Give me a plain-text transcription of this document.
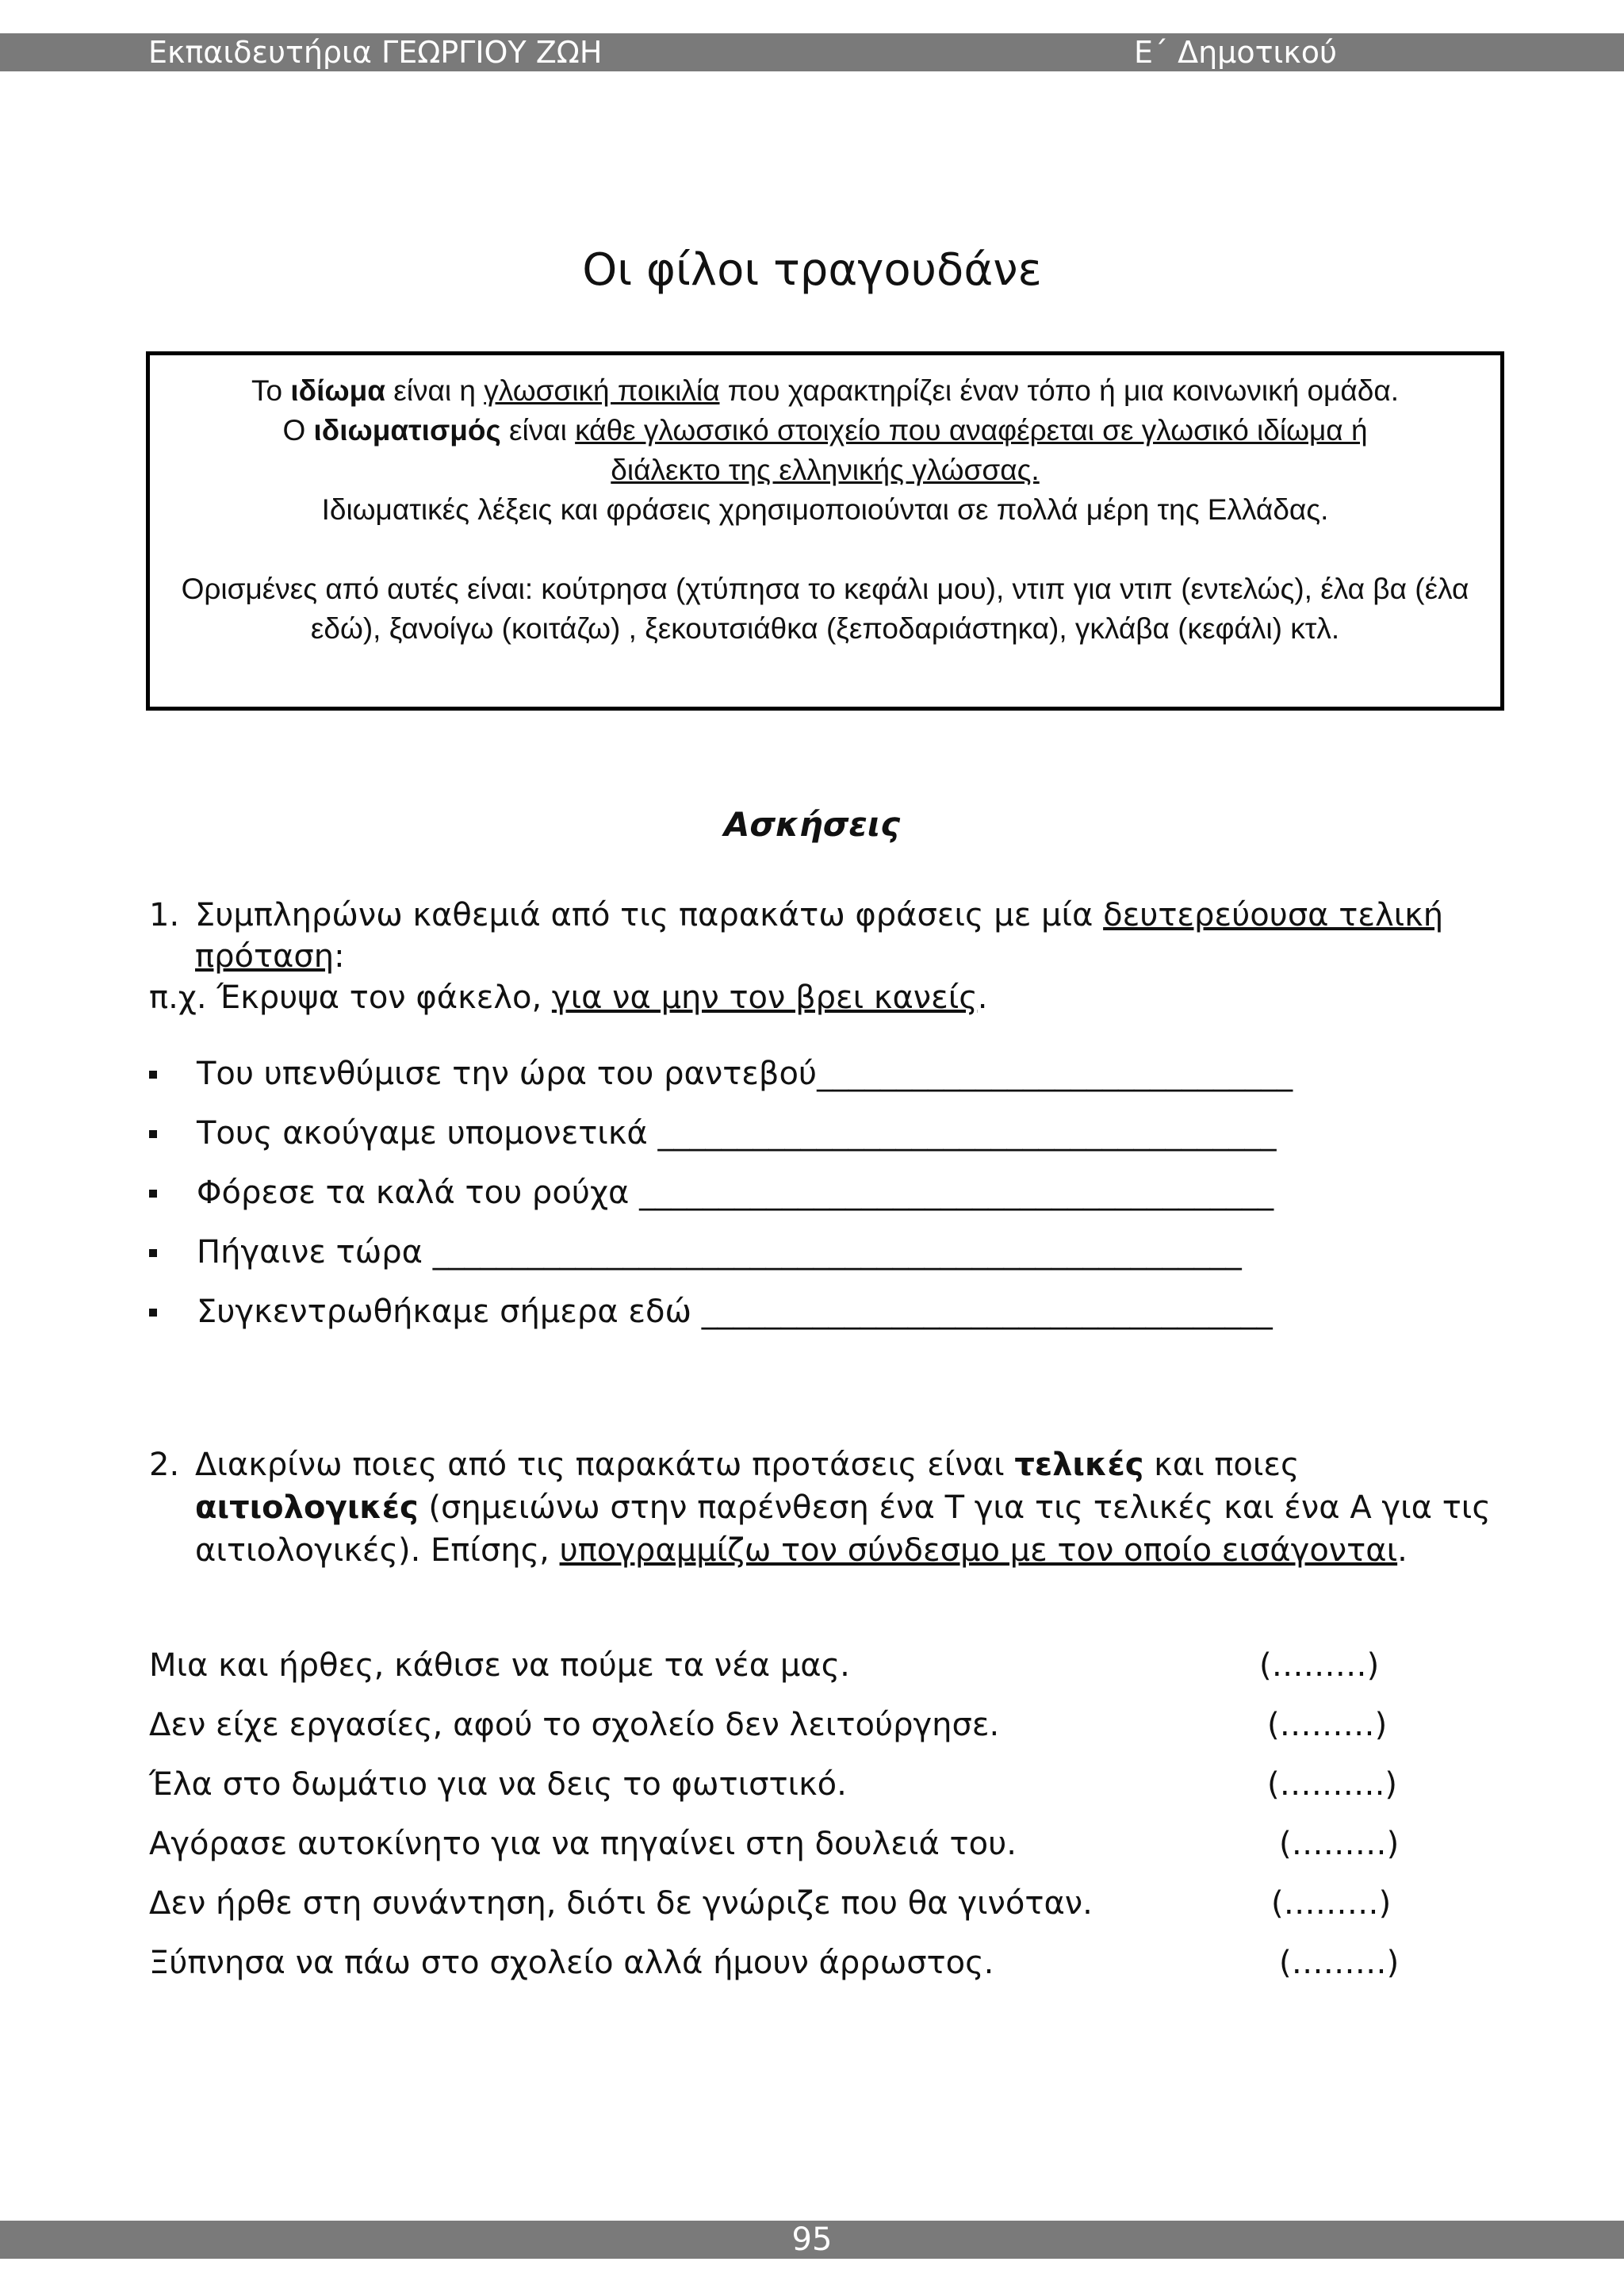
Εκπαιδευτήρια ΓΕΩΡΓΙΟΥ ΖΩΗ	Ε΄ Δημοτικού
Οι φίλοι τραγουδάνε

Το ιδίωμα είναι η γλωσσική ποικιλία που χαρακτηρίζει έναν τόπο ή μια κοινωνική ομάδα.

Ο ιδιωματισμός είναι κάθε γλωσσικό στοιχείο που αναφέρεται σε γλωσικό ιδίωμα ή διάλεκτο της ελληνικής γλώσσας.

Ιδιωματικές λέξεις και φράσεις χρησιμοποιούνται σε πολλά μέρη της Ελλάδας.

Ορισμένες από αυτές είναι: κούτρησα (χτύπησα το κεφάλι μου), ντιπ για ντιπ (εντελώς), έλα βα (έλα εδώ), ξανοίγω (κοιτάζω) , ξεκουτσιάθκα (ξεποδαριάστηκα), γκλάβα (κεφάλι) κτλ.

Ασκήσεις
1. Συμπληρώνω καθεμιά από τις παρακάτω φράσεις με μία δευτερεύουσα τελική πρόταση:
π.χ. Έκρυψα τον φάκελο, για να μην τον βρει κανείς.
Του υπενθύμισε την ώρα του ραντεβού______________________________
Τους ακούγαμε υπομονετικά _______________________________________
Φόρεσε τα καλά του ρούχα ________________________________________
Πήγαινε τώρα ___________________________________________________
Συγκεντρωθήκαμε σήμερα εδώ ____________________________________
2. Διακρίνω ποιες από τις παρακάτω προτάσεις είναι τελικές και ποιες αιτιολογικές (σημειώνω στην παρένθεση ένα Τ για τις τελικές και ένα Α για τις αιτιολογικές). Επίσης, υπογραμμίζω τον σύνδεσμο με τον οποίο εισάγονται.
Μια και ήρθες, κάθισε να πούμε τα νέα μας.	(………)
Δεν είχε εργασίες, αφού το σχολείο δεν λειτούργησε.	(………)
Έλα στο δωμάτιο για να δεις το φωτιστικό.	(……….)
Αγόρασε αυτοκίνητο για να πηγαίνει στη δουλειά του.	(………)
Δεν ήρθε στη συνάντηση, διότι δε γνώριζε που θα γινόταν.	(………)
Ξύπνησα να πάω στο σχολείο αλλά ήμουν άρρωστος.	(………)
95
